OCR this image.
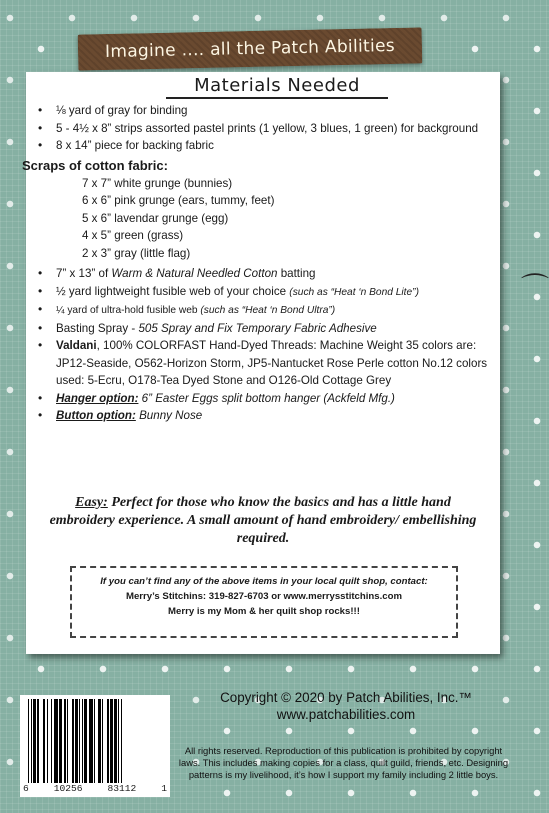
Imagine .... all the Patch Abilities
Materials Needed
• ⅛ yard of gray for binding
• 5 - 4½ x 8” strips assorted pastel prints (1 yellow, 3 blues, 1 green) for background
• 8 x 14” piece for backing fabric
Scraps of cotton fabric:
7 x 7” white grunge (bunnies)
6 x 6” pink grunge (ears, tummy, feet)
5 x 6” lavendar grunge (egg)
4 x 5” green (grass)
2 x 3” gray (little flag)
• 7” x 13” of Warm & Natural Needled Cotton batting
• ½ yard lightweight fusible web of your choice (such as “Heat ‘n Bond Lite”)
• ¼ yard of ultra-hold fusible web (such as “Heat ‘n Bond Ultra”)
• Basting Spray - 505 Spray and Fix Temporary Fabric Adhesive
• Valdani, 100% COLORFAST Hand-Dyed Threads: Machine Weight 35 colors are: JP12-Seaside, O562-Horizon Storm, JP5-Nantucket Rose Perle cotton No.12 colors used: 5-Ecru, O178-Tea Dyed Stone and O126-Old Cottage Grey
• Hanger option: 6” Easter Eggs split bottom hanger (Ackfeld Mfg.)
• Button option: Bunny Nose
Easy: Perfect for those who know the basics and has a little hand embroidery experience. A small amount of hand embroidery/ embellishing required.
If you can’t find any of the above items in your local quilt shop, contact:
Merry’s Stitchins: 319-827-6703 or www.merrysstitchins.com
Merry is my Mom & her quilt shop rocks!!!
⌒
Copyright © 2020 by Patch Abilities, Inc.™
www.patchabilities.com
6	10256	83112	1
All rights reserved. Reproduction of this publication is prohibited by copyright laws. This includes making copies for a class, quilt guild, friends, etc. Designing patterns is my livelihood, it’s how I support my family including 2 little boys.
